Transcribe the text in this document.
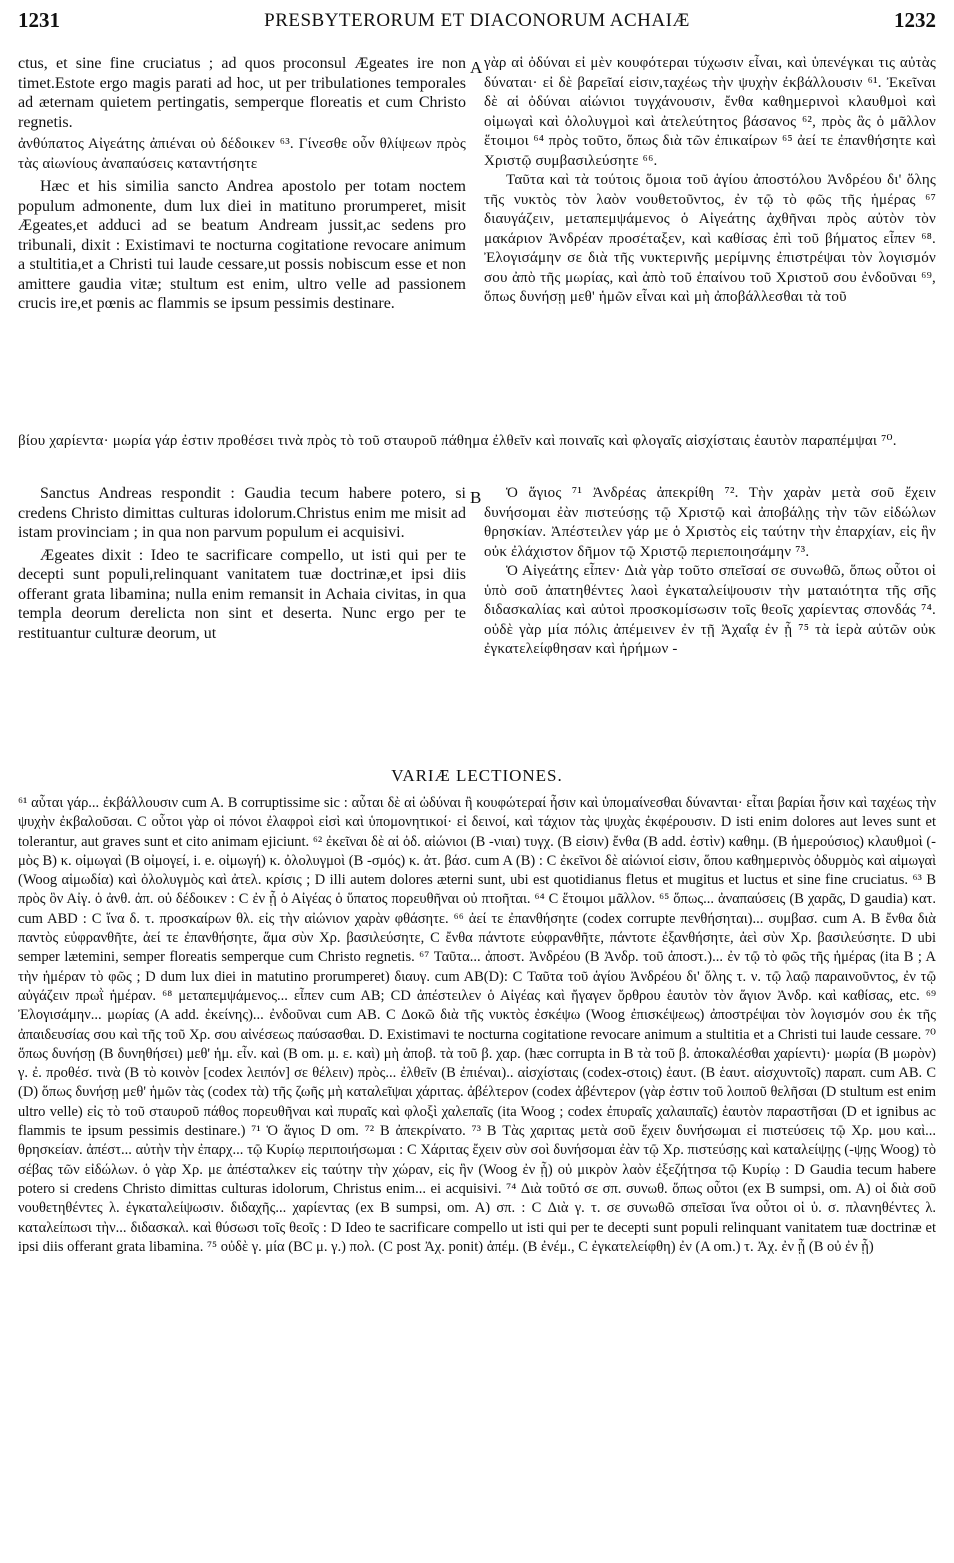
1231	PRESBYTERORUM ET DIACONORUM ACHAIÆ	1232
A

ctus, et sine fine cruciatus ; ad quos proconsul Ægeates ire non timet.Estote ergo magis parati ad hoc, ut per tribulationes temporales ad æternam quietem pertingatis, semperque floreatis et cum Christo regnetis.

ἀνθύπατος Αἰγεάτης ἀπιέναι οὐ δέδοικεν ⁶³. Γίνεσθε οὖν θλίψεων πρὸς τὰς αἰωνίους ἀναπαύσεις καταντήσητε

Hæc et his similia sancto Andrea apostolo per totam noctem populum admonente, dum lux diei in matituno prorumperet, misit Ægeates,et adduci ad se beatum Andream jussit,ac sedens pro tribunali, dixit : Existimavi te nocturna cogitatione revocare animum a stultitia,et a Christi tui laude cessare,ut possis nobiscum esse et non amittere gaudia vitæ; stultum est enim, ultro velle ad passionem crucis ire,et pœnis ac flammis se ipsum pessimis destinare.

γὰρ αἱ ὀδύναι εἰ μὲν κουφότεραι τύχωσιν εἶναι, καὶ ὑπενέγκαι τις αὐτὰς δύναται· εἰ δὲ βαρεῖαί εἰσιν,ταχέως τὴν ψυχὴν ἐκβάλλουσιν ⁶¹. Ἐκεῖναι δὲ αἱ ὀδύναι αἰώνιοι τυγχάνουσιν, ἔνθα καθημερινοὶ κλαυθμοὶ καὶ οἰμωγαὶ καὶ ὀλολυγμοὶ καὶ ἀτελεύτητος βάσανος ⁶², πρὸς ἃς ὁ μᾶλλον ἕτοιμοι ⁶⁴ πρὸς τοῦτο, ὅπως διὰ τῶν ἐπικαίρων ⁶⁵ ἀεί τε ἐπανθήσητε καὶ Χριστῷ συμβασιλεύσητε ⁶⁶.

Ταῦτα καὶ τὰ τούτοις ὅμοια τοῦ ἁγίου ἀποστόλου Ἀνδρέου δι' ὅλης τῆς νυκτὸς τὸν λαὸν νουθετοῦντος, ἐν τῷ τὸ φῶς τῆς ἡμέρας ⁶⁷ διαυγάζειν, μεταπεμψάμενος ὁ Αἰγεάτης ἀχθῆναι πρὸς αὐτὸν τὸν μακάριον Ἀνδρέαν προσέταξεν, καὶ καθίσας ἐπὶ τοῦ βήματος εἶπεν ⁶⁸. Ἐλογισάμην σε διὰ τῆς νυκτερινῆς μερίμνης ἐπιστρέψαι τὸν λογισμόν σου ἀπὸ τῆς μωρίας, καὶ ἀπὸ τοῦ ἐπαίνου τοῦ Χριστοῦ σου ἐνδοῦναι ⁶⁹, ὅπως δυνήσῃ μεθ' ἡμῶν εἶναι καὶ μὴ ἀποβάλλεσθαι τὰ τοῦ

βίου χαρίεντα· μωρία γάρ ἐστιν προθέσει τινὰ πρὸς τὸ τοῦ σταυροῦ πάθημα ἐλθεῖν καὶ ποιναῖς καὶ φλογαῖς αἰσχίσταις ἑαυτὸν παραπέμψαι ⁷⁰.

B

Sanctus Andreas respondit : Gaudia tecum habere potero, si credens Christo dimittas culturas idolorum.Christus enim me misit ad istam provinciam ; in qua non parvum populum ei acquisivi.

Ægeates dixit : Ideo te sacrificare compello, ut isti qui per te decepti sunt populi,relinquant vanitatem tuæ doctrinæ,et ipsi diis offerant grata libamina; nulla enim remansit in Achaia civitas, in qua templa deorum derelicta non sint et deserta. Nunc ergo per te restituantur culturæ deorum, ut

Ὁ ἅγιος ⁷¹ Ἀνδρέας ἀπεκρίθη ⁷². Τὴν χαρὰν μετὰ σοῦ ἔχειν δυνήσομαι ἐὰν πιστεύσῃς τῷ Χριστῷ καὶ ἀποβάλῃς τὴν τῶν εἰδώλων θρησκίαν. Ἀπέστειλεν γάρ με ὁ Χριστὸς εἰς ταύτην τὴν ἐπαρχίαν, εἰς ἣν οὐκ ἐλάχιστον δῆμον τῷ Χριστῷ περιεποιησάμην ⁷³.

Ὁ Αἰγεάτης εἶπεν· Διὰ γὰρ τοῦτο σπεῖσαί σε συνωθῶ, ὅπως οὗτοι οἱ ὑπὸ σοῦ ἀπατηθέντες λαοὶ ἐγκαταλείψουσιν τὴν ματαιότητα τῆς σῆς διδασκαλίας καὶ αὐτοὶ προσκομίσωσιν τοῖς θεοῖς χαρίεντας σπονδάς ⁷⁴. οὐδὲ γὰρ μία πόλις ἀπέμεινεν ἐν τῇ Ἀχαΐᾳ ἐν ᾗ ⁷⁵ τὰ ἱερὰ αὐτῶν οὐκ ἐγκατελείφθησαν καὶ ἠρήμων -

VARIÆ LECTIONES.

⁶¹ αὗται γάρ... ἐκβάλλουσιν cum A. B corruptissime sic : αὗται δὲ αἱ ὠδύναι ἢ κουφώτεραί ἦσιν καὶ ὑπομαίνεσθαι δύνανται· εἶται βαρίαι ἦσιν καὶ ταχέως τὴν ψυχὴν ἐκβαλοῦσαι. C οὗτοι γὰρ οἱ πόνοι ἐλαφροὶ εἰσὶ καὶ ὑπομονητικοί· εἰ δεινοί, καὶ τάχιον τὰς ψυχὰς ἐκφέρουσιν. D isti enim dolores aut leves sunt et tolerantur, aut graves sunt et cito animam ejiciunt. ⁶² ἐκεῖναι δὲ αἱ ὀδ. αἰώνιοι (B -νιαι) τυγχ. (B εἰσιν) ἔνθα (B add. ἐστὶν) καθημ. (B ἡμερούσιος) κλαυθμοὶ (- μὸς B) κ. οἰμωγαὶ (B οἰμογεί, i. e. οἰμωγή) κ. ὀλολυγμοὶ (B -σμός) κ. ἀτ. βάσ. cum A (B) : C ἐκεῖνοι δὲ αἰώνιοί εἰσιν, ὅπου καθημερινὸς ὀδυρμὸς καὶ αἰμωγαὶ (Woog αἱμωδία) καὶ ὀλολυγμὸς καὶ ἀτελ. κρίσις ; D illi autem dolores æterni sunt, ubi est quotidianus fletus et mugitus et luctus et sine fine cruciatus. ⁶³ B πρὸς ὃν Αἰγ. ὁ ἀνθ. ἀπ. οὐ δέδοικεν : C ἐν ᾗ ὁ Αἰγέας ὁ ὕπατος πορευθῆναι οὐ πτοῆται. ⁶⁴ C ἕτοιμοι μᾶλλον. ⁶⁵ ὅπως... ἀναπαύσεις (B χαρᾶς, D gaudia) κατ. cum ABD : C ἵνα δ. τ. προσκαίρων θλ. εἰς τὴν αἰώνιον χαρὰν φθάσητε. ⁶⁶ ἀεί τε ἐπανθήσητε (codex corrupte πενθήσηται)... συμβασ. cum A. B ἔνθα διὰ παντὸς εὐφρανθῆτε, ἀεί τε ἐπανθήσητε, ἅμα σὺν Χρ. βασιλεύσητε, C ἔνθα πάντοτε εὐφρανθῆτε, πάντοτε ἐξανθήσητε, ἀεὶ σὺν Χρ. βασιλεύσητε. D ubi semper lætemini, semper floreatis semperque cum Christo regnetis. ⁶⁷ Ταῦτα... ἀποστ. Ἀνδρέου (B Ἀνδρ. τοῦ ἀποστ.)... ἐν τῷ τὸ φῶς τῆς ἡμέρας (ita B ; A τὴν ἡμέραν τὸ φῶς ; D dum lux diei in matutino prorumperet) διαυγ. cum AB(D): C Ταῦτα τοῦ ἁγίου Ἀνδρέου δι' ὅλης τ. ν. τῷ λαῷ παραινοῦντος, ἐν τῷ αὐγάζειν πρωῒ ἡμέραν. ⁶⁸ μεταπεμψάμενος... εἶπεν cum AB; CD ἀπέστειλεν ὁ Αἰγέας καὶ ἤγαγεν ὄρθρου ἑαυτὸν τὸν ἅγιον Ἀνδρ. καὶ καθίσας, etc. ⁶⁹ Ἐλογισάμην... μωρίας (A add. ἐκείνης)... ἐνδοῦναι cum AB. C Δοκῶ διὰ τῆς νυκτὸς ἐσκέψω (Woog ἐπισκέψεως) ἀποστρέψαι τὸν λογισμόν σου ἐκ τῆς ἀπαιδευσίας σου καὶ τῆς τοῦ Χρ. σου αἰνέσεως παύσασθαι. D. Existimavi te nocturna cogitatione revocare animum a stultitia et a Christi tui laude cessare. ⁷⁰ ὅπως δυνήσῃ (B δυνηθήσει) μεθ' ἡμ. εἶν. καὶ (B om. μ. ε. καὶ) μὴ ἀποβ. τὰ τοῦ β. χαρ. (hæc corrupta in B τὰ τοῦ β. ἀποκαλέσθαι χαρίεντι)· μωρία (B μωρὸν) γ. ἐ. προθέσ. τινὰ (B τὸ κοινὸν [codex λειπόν] σε θέλειν) πρὸς... ἐλθεῖν (B ἐπιέναι).. αἰσχίσταις (codex-στοις) ἑαυτ. (B ἑαυτ. αἰσχυντοῖς) παραπ. cum AB. C (D) ὅπως δυνήσῃ μεθ' ἡμῶν τὰς (codex τὰ) τῆς ζωῆς μὴ καταλεῖψαι χάριτας. ἀβέλτερον (codex ἀβέντερον (γὰρ ἐστιν τοῦ λοιποῦ θελῆσαι (D stultum est enim ultro velle) εἰς τὸ τοῦ σταυροῦ πάθος πορευθῆναι καὶ πυραῖς καὶ φλοξὶ χαλεπαῖς (ita Woog ; codex ἐπυραῖς χαλαιπαῖς) ἑαυτὸν παραστῆσαι (D et ignibus ac flammis te ipsum pessimis destinare.) ⁷¹ Ὁ ἅγιος D om. ⁷² B ἀπεκρίνατο. ⁷³ B Τὰς χαριτας μετὰ σοῦ ἔχειν δυνήσωμαι εἰ πιστεύσεις τῷ Χρ. μου καὶ... θρησκείαν. ἀπέστ... αὐτὴν τὴν ἐπαρχ... τῷ Κυρίῳ περιποιήσωμαι : C Χάριτας ἔχειν σὺν σοὶ δυνήσομαι ἐὰν τῷ Χρ. πιστεύσῃς καὶ καταλείψῃς (-ψῃς Woog) τὸ σέβας τῶν εἰδώλων. ὁ γὰρ Χρ. με ἀπέσταλκεν εἰς ταύτην τὴν χώραν, εἰς ἣν (Woog ἐν ᾗ) οὐ μικρὸν λαὸν ἐξεζήτησα τῷ Κυρίῳ : D Gaudia tecum habere potero si credens Christo dimittas culturas idolorum, Christus enim... ei acquisivi. ⁷⁴ Διὰ τοῦτό σε σπ. συνωθ. ὅπως οὗτοι (ex B sumpsi, om. A) οἱ διὰ σοῦ νουθετηθέντες λ. ἐγκαταλείψωσιν. διδαχῆς... χαρίεντας (ex B sumpsi, om. A) σπ. : C Διὰ γ. τ. σε συνωθῶ σπεῖσαι ἵνα οὗτοι οἱ ὑ. σ. πλανηθέντες λ. καταλείπωσι τὴν... διδασκαλ. καὶ θύσωσι τοῖς θεοῖς : D Ideo te sacrificare compello ut isti qui per te decepti sunt populi relinquant vanitatem tuæ doctrinæ et ipsi diis offerant grata libamina. ⁷⁵ οὐδὲ γ. μία (BC μ. γ.) πολ. (C post Ἀχ. ponit) ἀπέμ. (B ἐνέμ., C ἐγκατελείφθη) ἐν (A om.) τ. Ἀχ. ἐν ᾗ (B οὐ ἐν ᾗ)
